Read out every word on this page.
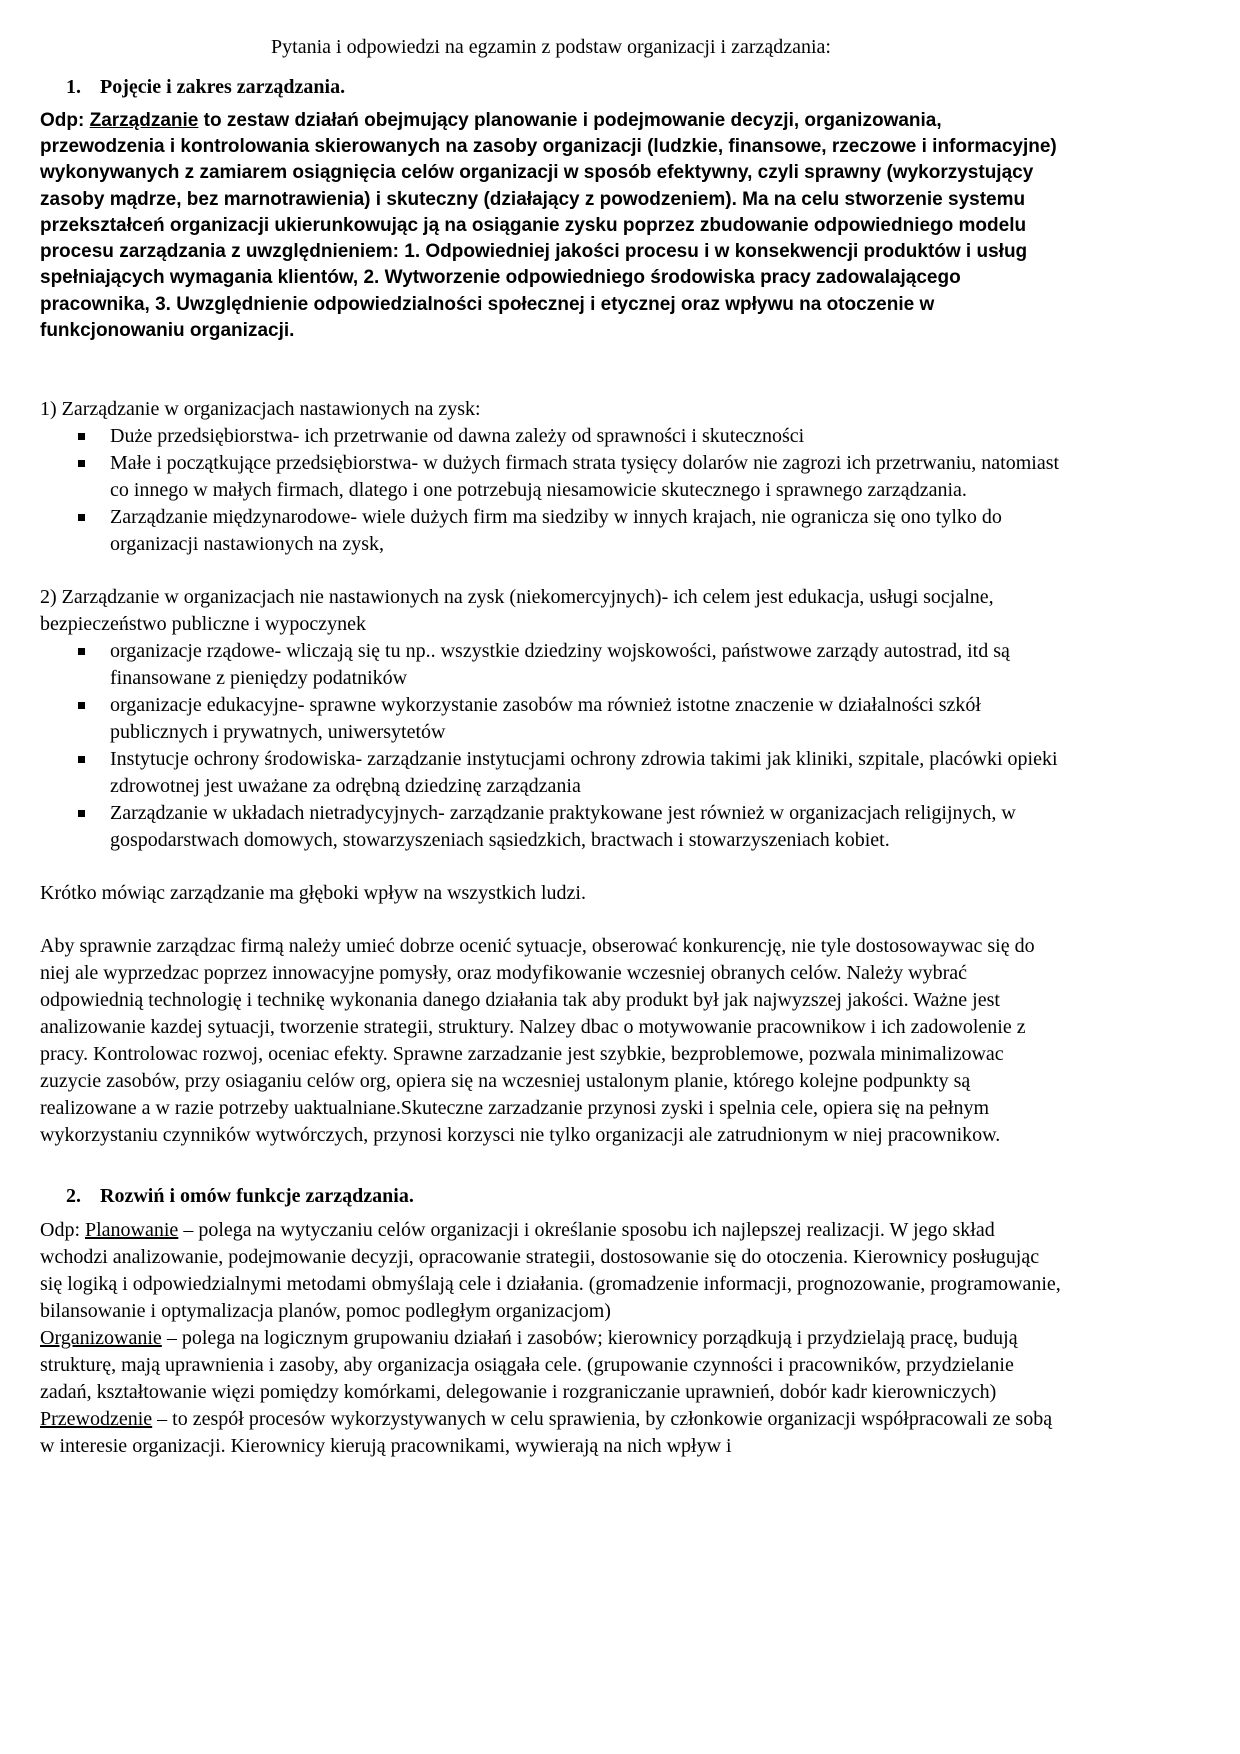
Pytania i odpowiedzi na egzamin z podstaw organizacji i zarządzania:
1. Pojęcie i zakres zarządzania.

Odp: Zarządzanie to zestaw działań obejmujący planowanie i podejmowanie decyzji, organizowania, przewodzenia i kontrolowania skierowanych na zasoby organizacji (ludzkie, finansowe, rzeczowe i informacyjne) wykonywanych z zamiarem osiągnięcia celów organizacji w sposób efektywny, czyli sprawny (wykorzystujący zasoby mądrze, bez marnotrawienia) i skuteczny (działający z powodzeniem). Ma na celu stworzenie systemu przekształceń organizacji ukierunkowując ją na osiąganie zysku poprzez zbudowanie odpowiedniego modelu procesu zarządzania z uwzględnieniem: 1. Odpowiedniej jakości procesu i w konsekwencji produktów i usług spełniających wymagania klientów, 2. Wytworzenie odpowiedniego środowiska pracy zadowalającego pracownika, 3. Uwzględnienie odpowiedzialności społecznej i etycznej oraz wpływu na otoczenie w funkcjonowaniu organizacji.

1) Zarządzanie w organizacjach nastawionych na zysk:

Duże przedsiębiorstwa- ich przetrwanie od dawna zależy od sprawności i skuteczności
Małe i początkujące przedsiębiorstwa- w dużych firmach strata tysięcy dolarów nie zagrozi ich przetrwaniu, natomiast co innego w małych firmach, dlatego i one potrzebują niesamowicie skutecznego i sprawnego zarządzania.
Zarządzanie międzynarodowe- wiele dużych firm ma siedziby w innych krajach, nie ogranicza się ono tylko do organizacji nastawionych na zysk,

2) Zarządzanie w organizacjach nie nastawionych na zysk (niekomercyjnych)- ich celem jest edukacja, usługi socjalne, bezpieczeństwo publiczne i wypoczynek

organizacje rządowe- wliczają się tu np.. wszystkie dziedziny wojskowości, państwowe zarządy autostrad, itd są finansowane z pieniędzy podatników
organizacje edukacyjne- sprawne wykorzystanie zasobów ma również istotne znaczenie w działalności szkół publicznych i prywatnych, uniwersytetów
Instytucje ochrony środowiska- zarządzanie instytucjami ochrony zdrowia takimi jak kliniki, szpitale, placówki opieki zdrowotnej jest uważane za odrębną dziedzinę zarządzania
Zarządzanie w układach nietradycyjnych- zarządzanie praktykowane jest również w organizacjach religijnych, w gospodarstwach domowych, stowarzyszeniach sąsiedzkich, bractwach i stowarzyszeniach kobiet.

Krótko mówiąc zarządzanie ma głęboki wpływ na wszystkich ludzi.

Aby sprawnie zarządzac firmą należy umieć dobrze ocenić sytuacje, obserować konkurencję, nie tyle dostosowaywac się do niej ale wyprzedzac poprzez innowacyjne pomysły, oraz modyfikowanie wczesniej obranych celów. Należy wybrać odpowiednią technologię i technikę wykonania danego działania tak aby produkt był jak najwyzszej jakości. Ważne jest analizowanie kazdej sytuacji, tworzenie strategii, struktury. Nalzey dbac o motywowanie pracownikow i ich zadowolenie z pracy. Kontrolowac rozwoj, oceniac efekty. Sprawne zarzadzanie jest szybkie, bezproblemowe, pozwala minimalizowac zuzycie zasobów, przy osiaganiu celów org, opiera się na wczesniej ustalonym planie, którego kolejne podpunkty są realizowane a w razie potrzeby uaktualniane.Skuteczne zarzadzanie przynosi zyski i spelnia cele, opiera się na pełnym wykorzystaniu czynników wytwórczych, przynosi korzysci nie tylko organizacji ale zatrudnionym w niej pracownikow.

2. Rozwiń i omów funkcje zarządzania.

Odp: Planowanie – polega na wytyczaniu celów organizacji i określanie sposobu ich najlepszej realizacji. W jego skład wchodzi analizowanie, podejmowanie decyzji, opracowanie strategii, dostosowanie się do otoczenia. Kierownicy posługując się logiką i odpowiedzialnymi metodami obmyślają cele i działania. (gromadzenie informacji, prognozowanie, programowanie, bilansowanie i optymalizacja planów, pomoc podległym organizacjom)

Organizowanie – polega na logicznym grupowaniu działań i zasobów; kierownicy porządkują i przydzielają pracę, budują strukturę, mają uprawnienia i zasoby, aby organizacja osiągała cele. (grupowanie czynności i pracowników, przydzielanie zadań, kształtowanie więzi pomiędzy komórkami, delegowanie i rozgraniczanie uprawnień, dobór kadr kierowniczych)

Przewodzenie – to zespół procesów wykorzystywanych w celu sprawienia, by członkowie organizacji współpracowali ze sobą w interesie organizacji. Kierownicy kierują pracownikami, wywierają na nich wpływ i
